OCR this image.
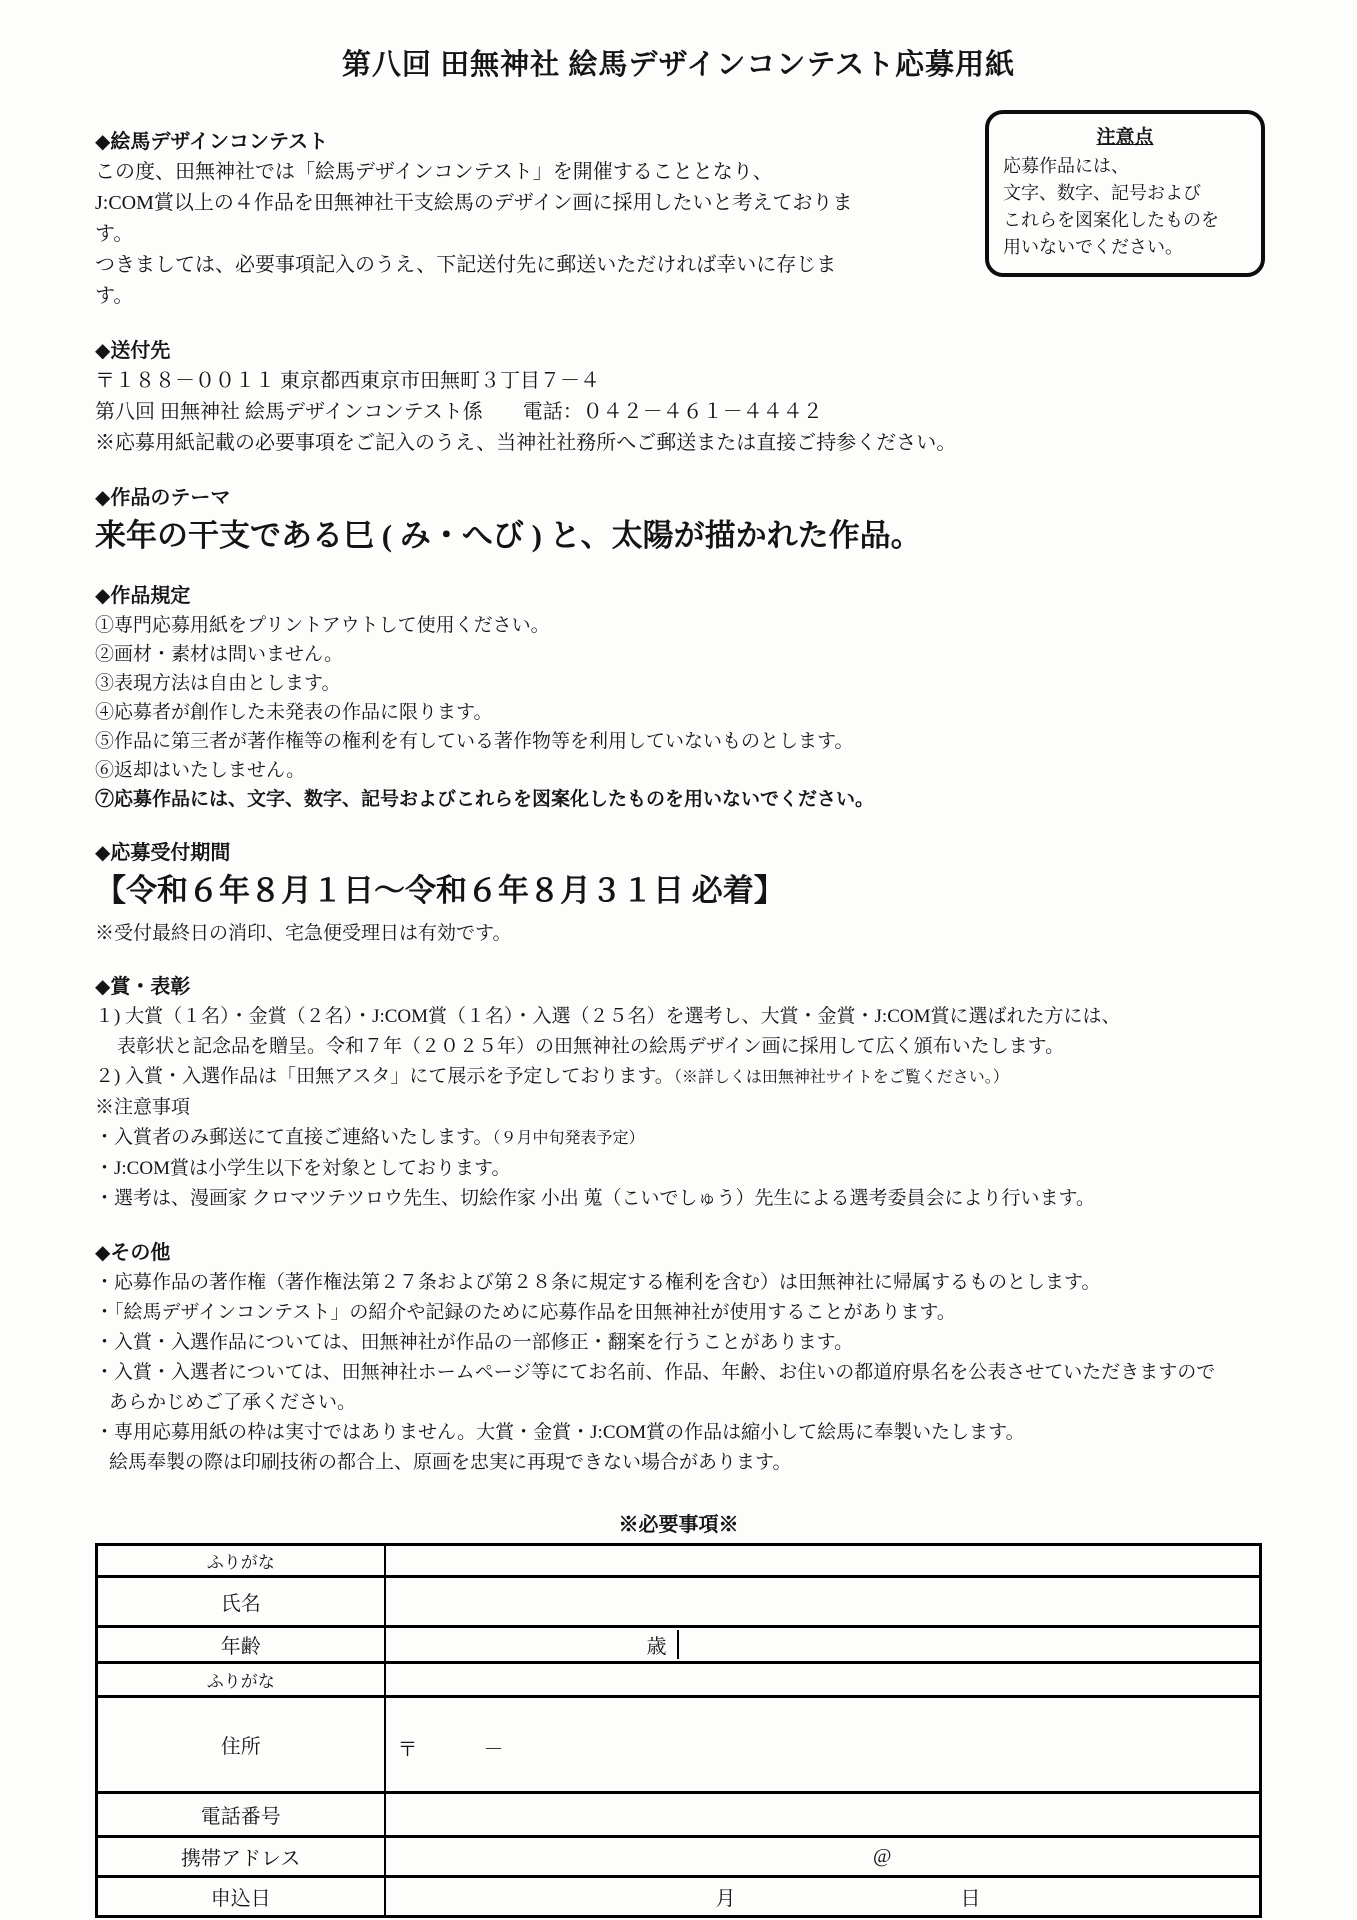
注意点
応募作品には、
文字、数字、記号および
これらを図案化したものを
用いないでください。
第八回 田無神社 絵馬デザインコンテスト応募用紙
◆絵馬デザインコンテスト
この度、田無神社では「絵馬デザインコンテスト」を開催することとなり、
J:COM賞以上の４作品を田無神社干支絵馬のデザイン画に採用したいと考えております。
つきましては、必要事項記入のうえ、下記送付先に郵送いただければ幸いに存じます。
◆送付先
〒１８８－００１１ 東京都西東京市田無町３丁目７－４
第八回 田無神社 絵馬デザインコンテスト係　　電話：０４２－４６１－４４４２
※応募用紙記載の必要事項をご記入のうえ、当神社社務所へご郵送または直接ご持参ください。
◆作品のテーマ
来年の干支である巳 ( み・へび ) と、太陽が描かれた作品。
◆作品規定
①専門応募用紙をプリントアウトして使用ください。
②画材・素材は問いません。
③表現方法は自由とします。
④応募者が創作した未発表の作品に限ります。
⑤作品に第三者が著作権等の権利を有している著作物等を利用していないものとします。
⑥返却はいたしません。
⑦応募作品には、文字、数字、記号およびこれらを図案化したものを用いないでください。
◆応募受付期間
【令和６年８月１日～令和６年８月３１日 必着】
※受付最終日の消印、宅急便受理日は有効です。
◆賞・表彰
１) 大賞（１名）・金賞（２名）・J:COM賞（１名）・入選（２５名）を選考し、大賞・金賞・J:COM賞に選ばれた方には、
表彰状と記念品を贈呈。令和７年（２０２５年）の田無神社の絵馬デザイン画に採用して広く頒布いたします。
２) 入賞・入選作品は「田無アスタ」にて展示を予定しております。（※詳しくは田無神社サイトをご覧ください。）
※注意事項
・入賞者のみ郵送にて直接ご連絡いたします。（９月中旬発表予定）
・J:COM賞は小学生以下を対象としております。
・選考は、漫画家 クロマツテツロウ先生、切絵作家 小出 蒐（こいでしゅう）先生による選考委員会により行います。
◆その他
・応募作品の著作権（著作権法第２７条および第２８条に規定する権利を含む）は田無神社に帰属するものとします。
・「絵馬デザインコンテスト」の紹介や記録のために応募作品を田無神社が使用することがあります。
・入賞・入選作品については、田無神社が作品の一部修正・翻案を行うことがあります。
・入賞・入選者については、田無神社ホームページ等にてお名前、作品、年齢、お住いの都道府県名を公表させていただきますので
あらかじめご了承ください。
・専用応募用紙の枠は実寸ではありません。大賞・金賞・J:COM賞の作品は縮小して絵馬に奉製いたします。
絵馬奉製の際は印刷技術の都合上、原画を忠実に再現できない場合があります。
※必要事項※
ふりがな	
氏名	
年齢	歳

ふりがな	
住所	〒 －

電話番号	
携帯アドレス	@
申込日	月 日
